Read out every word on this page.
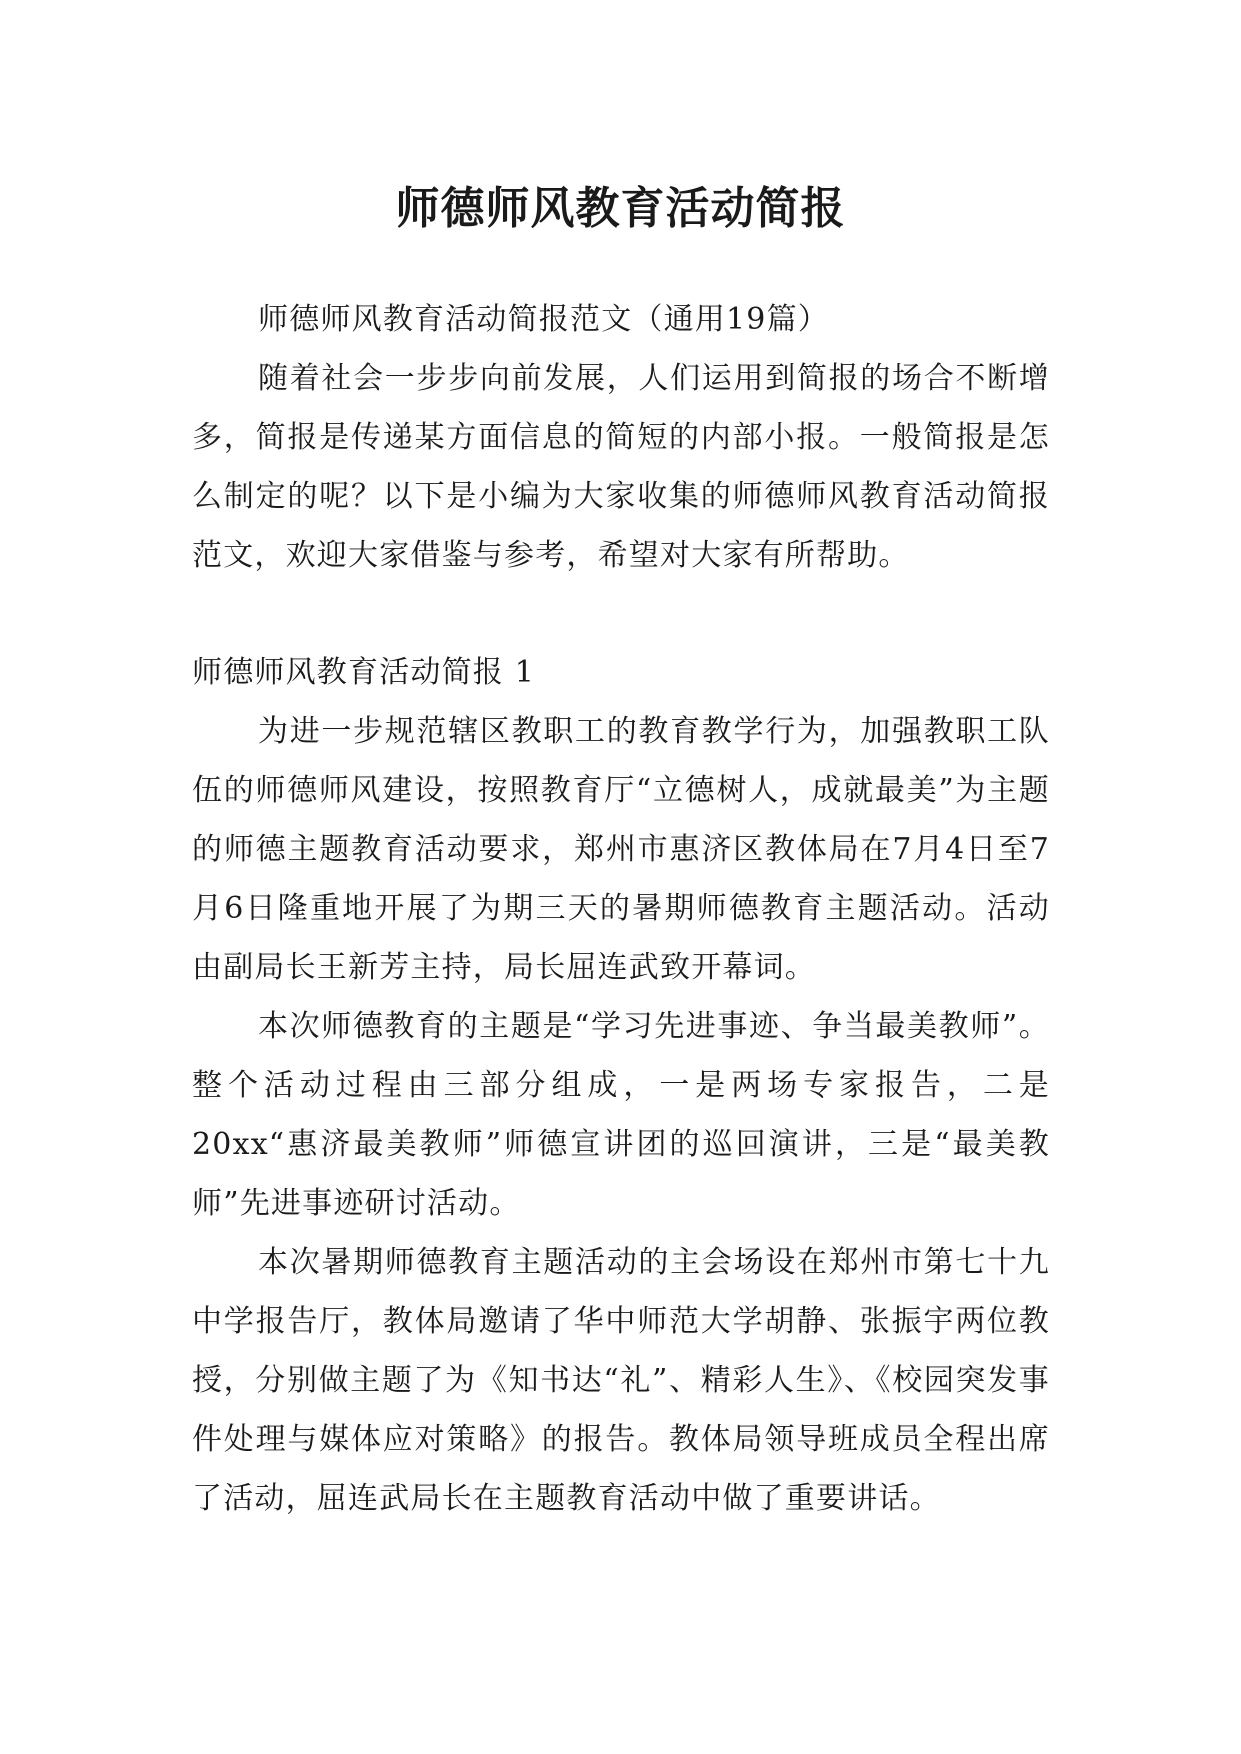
师德师风教育活动简报

师德师风教育活动简报范文（通用19篇）

随着社会一步步向前发展，人们运用到简报的场合不断增多，简报是传递某方面信息的简短的内部小报。一般简报是怎么制定的呢？以下是小编为大家收集的师德师风教育活动简报范文，欢迎大家借鉴与参考，希望对大家有所帮助。

师德师风教育活动简报 1

为进一步规范辖区教职工的教育教学行为，加强教职工队伍的师德师风建设，按照教育厅“立德树人，成就最美”为主题的师德主题教育活动要求，郑州市惠济区教体局在7月4日至7月6日隆重地开展了为期三天的暑期师德教育主题活动。活动由副局长王新芳主持，局长屈连武致开幕词。

本次师德教育的主题是“学习先进事迹、争当最美教师”。整个活动过程由三部分组成，一是两场专家报告，二是20xx“惠济最美教师”师德宣讲团的巡回演讲，三是“最美教师”先进事迹研讨活动。

本次暑期师德教育主题活动的主会场设在郑州市第七十九中学报告厅，教体局邀请了华中师范大学胡静、张振宇两位教授，分别做主题了为《知书达“礼”、精彩人生》、《校园突发事件处理与媒体应对策略》的报告。教体局领导班成员全程出席了活动，屈连武局长在主题教育活动中做了重要讲话。
